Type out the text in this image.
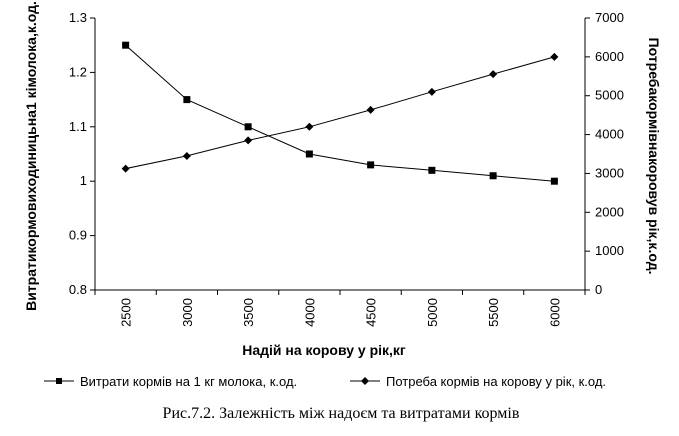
0.8
0.9
1
1.1
1.2
1.3
0
1000
2000
3000
4000
5000
6000
7000
2500	3000	3500	4000	4500	5000	5500	6000
Надій на корову у рік,кг
Витратикормовиходиницьна1 кімолока,к.од.	Потребакормівнакоровув рік,к.од.
Витрати кормів на 1 кг молока, к.од.	Потреба кормів на корову у рік, к.од.
Рис.7.2. Залежність між надоєм та витратами кормів
